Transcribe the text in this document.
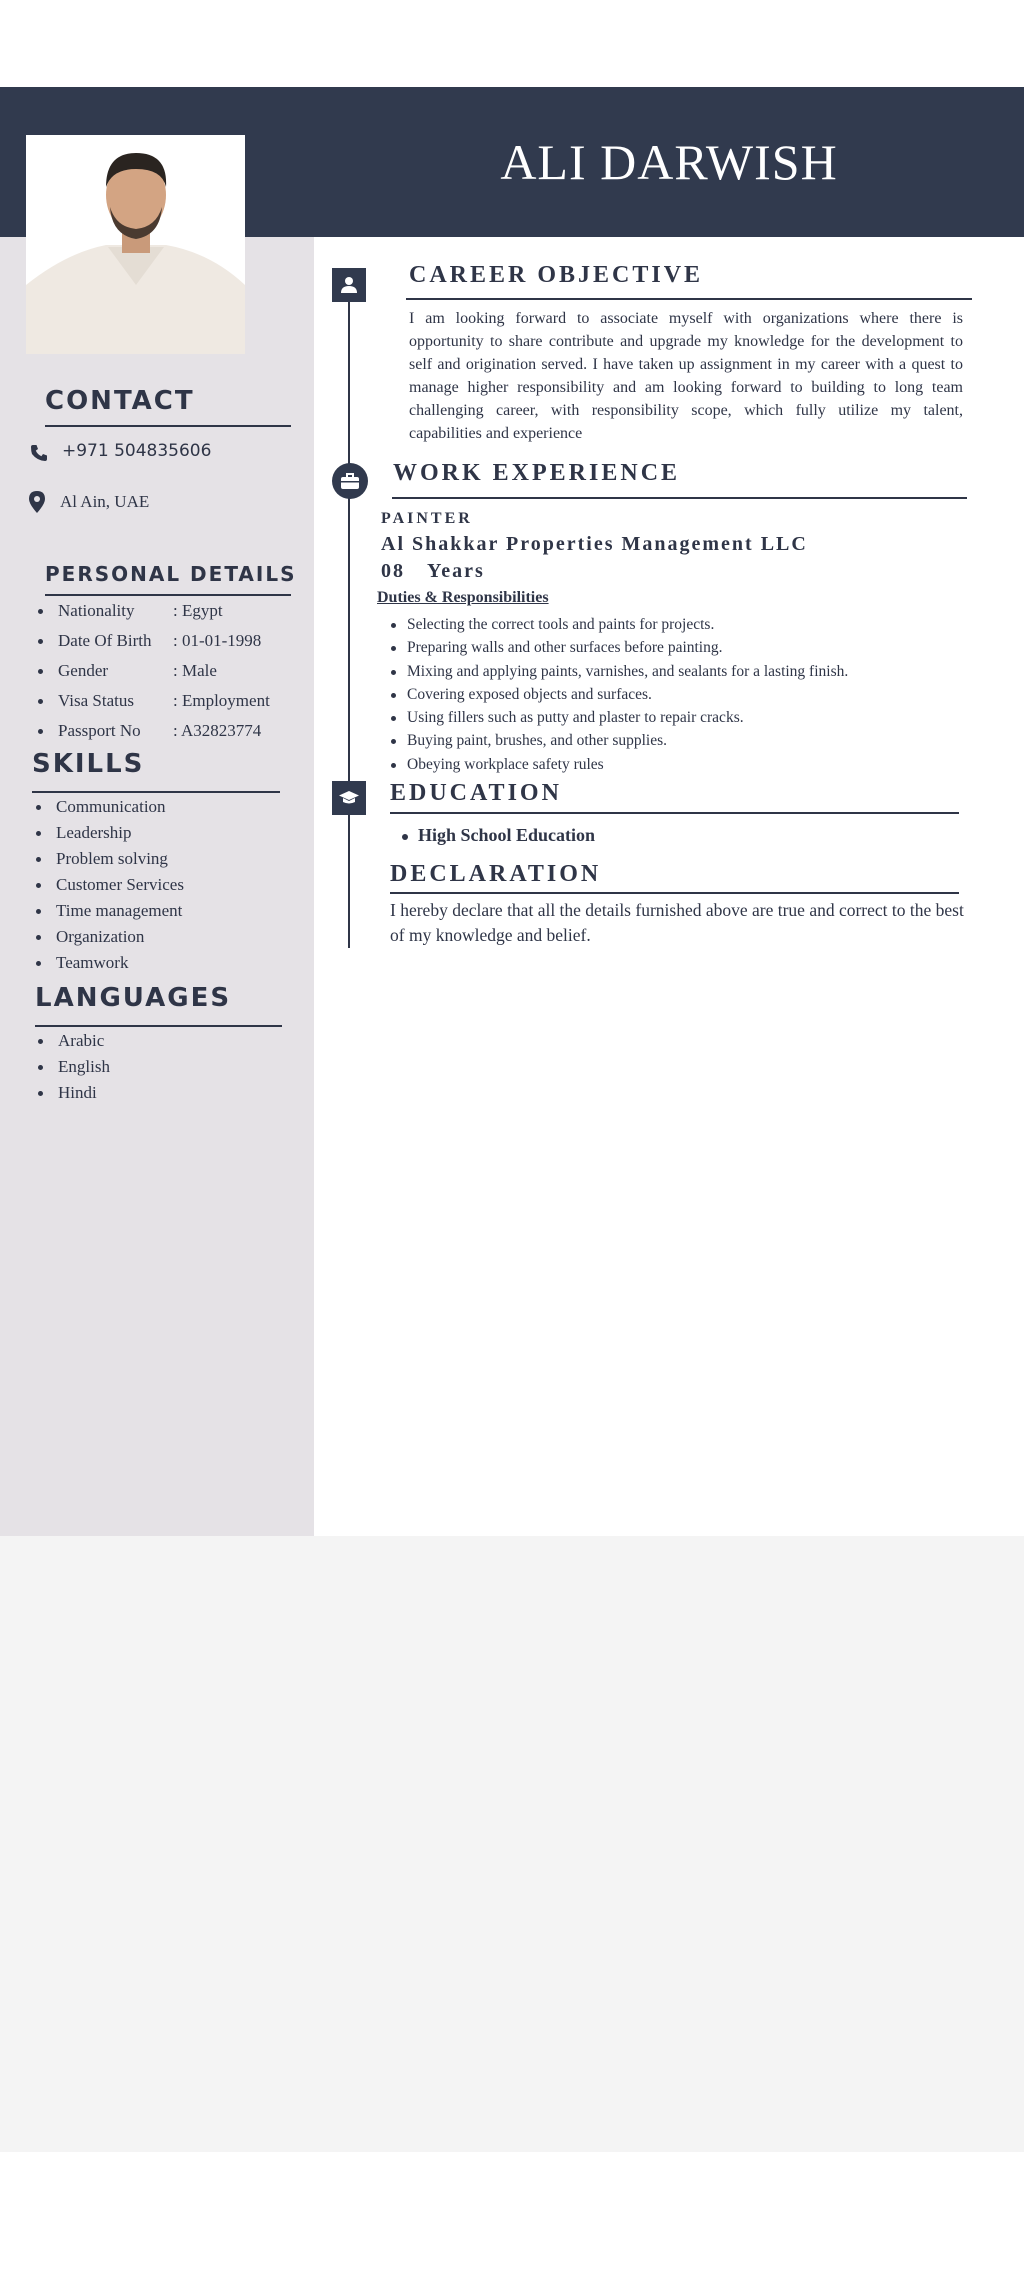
ALI DARWISH
CONTACT
+971 504835606
Al Ain, UAE
PERSONAL DETAILS
Nationality : Egypt
Date Of Birth : 01-01-1998
Gender	: Male
Visa Status : Employment
Passport No : A32823774
SKILLS
Communication
Leadership
Problem solving
Customer Services
Time management
Organization
Teamwork
LANGUAGES
Arabic
English
Hindi
CAREER OBJECTIVE
I am looking forward to associate myself with organizations where there is opportunity to share contribute and upgrade my knowledge for the development to self and origination served. I have taken up assignment in my career with a quest to manage higher responsibility and am looking forward to building to long team challenging career, with responsibility scope, which fully utilize my talent, capabilities and experience
WORK EXPERIENCE
PAINTER
Al Shakkar Properties Management LLC
08 Years
Duties & Responsibilities
Selecting the correct tools and paints for projects.
Preparing walls and other surfaces before painting.
Mixing and applying paints, varnishes, and sealants for a lasting finish.
Covering exposed objects and surfaces.
Using fillers such as putty and plaster to repair cracks.
Buying paint, brushes, and other supplies.
Obeying workplace safety rules
EDUCATION
High School Education
DECLARATION
I hereby declare that all the details furnished above are true and correct to the best of my knowledge and belief.
